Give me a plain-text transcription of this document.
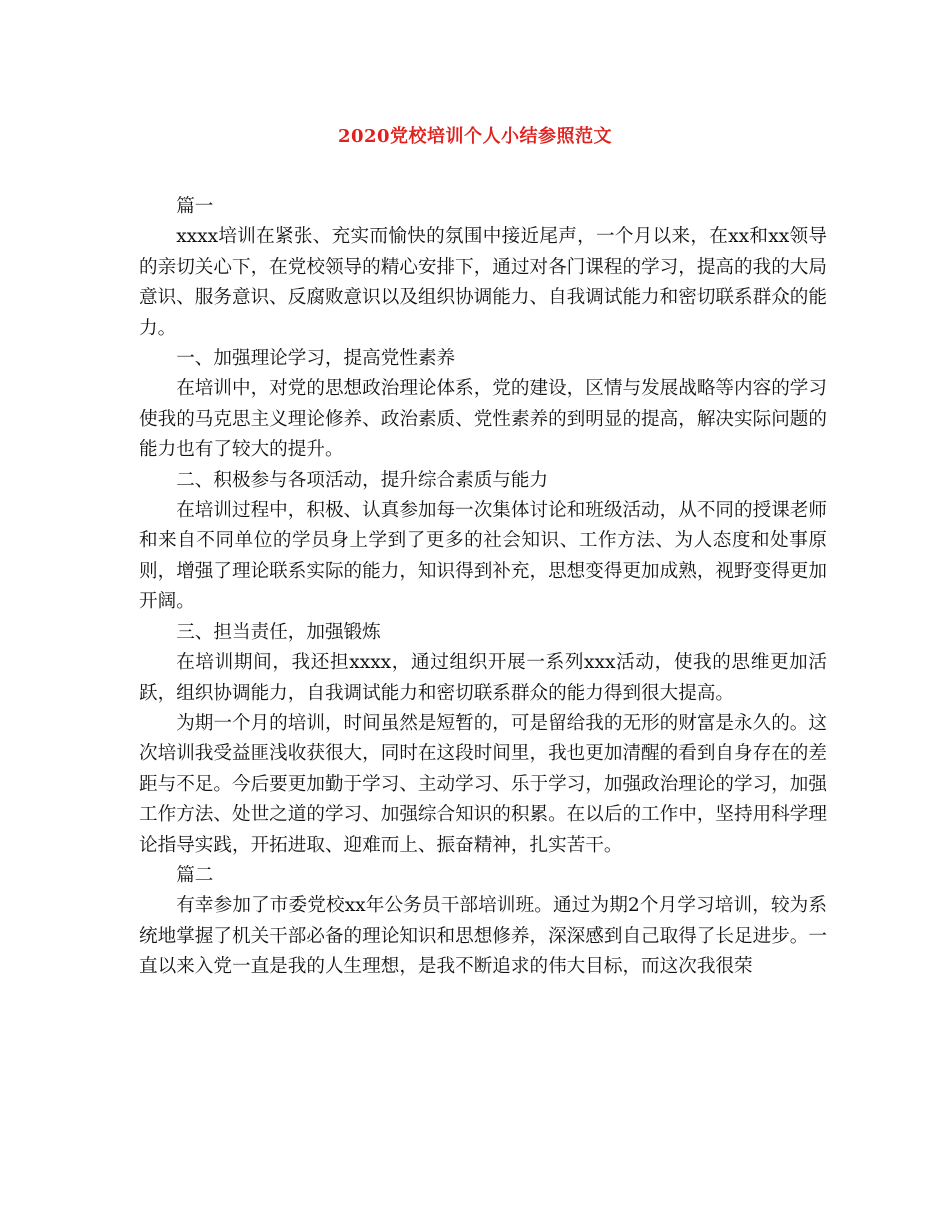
2020党校培训个人小结参照范文

篇一

xxxx培训在紧张、充实而愉快的氛围中接近尾声，一个月以来，在xx和xx领导的亲切关心下，在党校领导的精心安排下，通过对各门课程的学习，提高的我的大局意识、服务意识、反腐败意识以及组织协调能力、自我调试能力和密切联系群众的能力。

一、加强理论学习，提高党性素养

在培训中，对党的思想政治理论体系，党的建设，区情与发展战略等内容的学习使我的马克思主义理论修养、政治素质、党性素养的到明显的提高，解决实际问题的能力也有了较大的提升。

二、积极参与各项活动，提升综合素质与能力

在培训过程中，积极、认真参加每一次集体讨论和班级活动，从不同的授课老师和来自不同单位的学员身上学到了更多的社会知识、工作方法、为人态度和处事原则，增强了理论联系实际的能力，知识得到补充，思想变得更加成熟，视野变得更加开阔。

三、担当责任，加强锻炼

在培训期间，我还担xxxx，通过组织开展一系列xxx活动，使我的思维更加活跃，组织协调能力，自我调试能力和密切联系群众的能力得到很大提高。

为期一个月的培训，时间虽然是短暂的，可是留给我的无形的财富是永久的。这次培训我受益匪浅收获很大，同时在这段时间里，我也更加清醒的看到自身存在的差距与不足。今后要更加勤于学习、主动学习、乐于学习，加强政治理论的学习，加强工作方法、处世之道的学习、加强综合知识的积累。在以后的工作中，坚持用科学理论指导实践，开拓进取、迎难而上、振奋精神，扎实苦干。

篇二

有幸参加了市委党校xx年公务员干部培训班。通过为期2个月学习培训，较为系统地掌握了机关干部必备的理论知识和思想修养，深深感到自己取得了长足进步。一直以来入党一直是我的人生理想，是我不断追求的伟大目标，而这次我很荣
